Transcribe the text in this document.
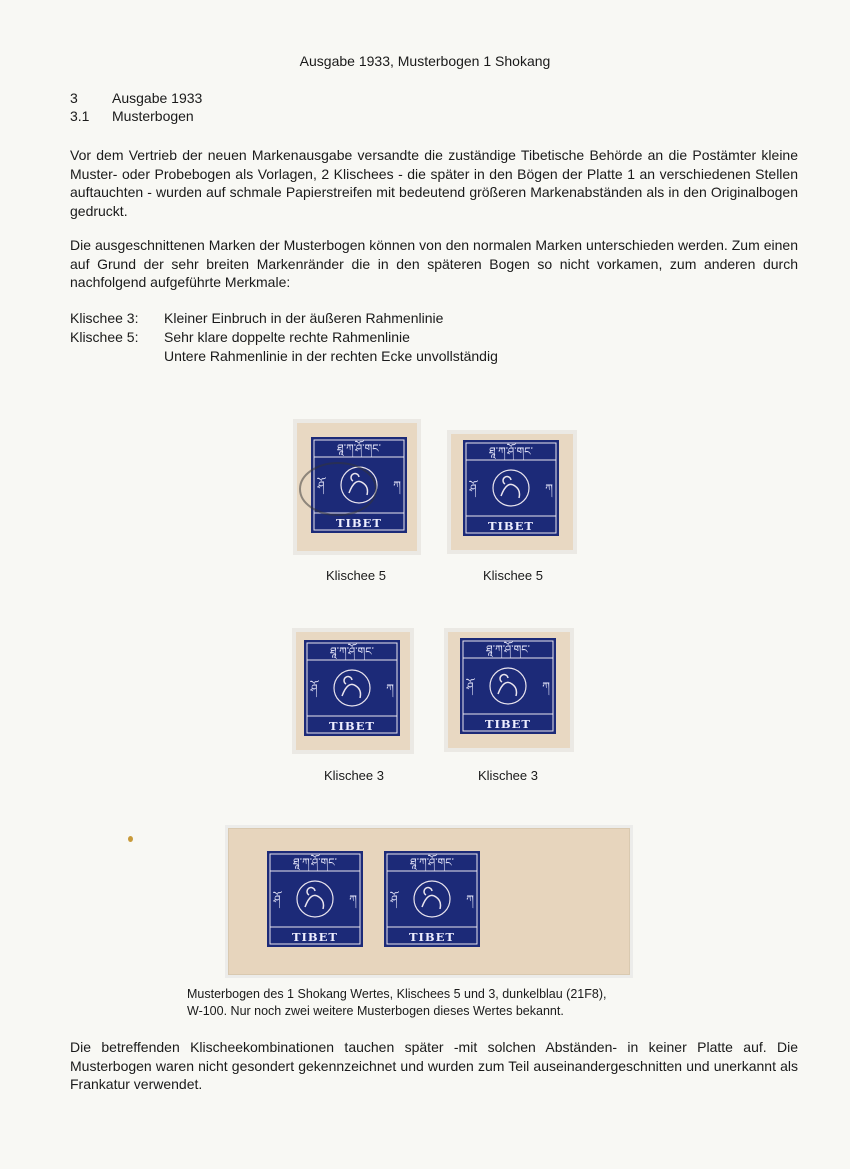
Ausgabe 1933, Musterbogen 1 Shokang
3 Ausgabe 1933
3.1 Musterbogen
Vor dem Vertrieb der neuen Markenausgabe versandte die zuständige Tibetische Behörde an die Postämter kleine Muster- oder Probebogen als Vorlagen, 2 Klischees - die später in den Bögen der Platte 1 an verschiedenen Stellen auftauchten - wurden auf schmale Papierstreifen mit bedeutend größeren Markenabständen als in den Originalbogen gedruckt.
Die ausgeschnittenen Marken der Musterbogen können von den normalen Marken unterschieden werden. Zum einen auf Grund der sehr breiten Markenränder die in den späteren Bogen so nicht vorkamen, zum anderen durch nachfolgend aufgeführte Merkmale:
Klischee 3: Kleiner Einbruch in der äußeren Rahmenlinie
Klischee 5: Sehr klare doppelte rechte Rahmenlinie
Untere Rahmenlinie in der rechten Ecke unvollständig
ཐཱ་ཀ་ཤོ་གང་
ཤོ	ཀ
TIBET
ཐཱ་ཀ་ཤོ་གང་
ཤོ	ཀ
TIBET
Klischee 5	Klischee 5
ཐཱ་ཀ་ཤོ་གང་
ཤོ	ཀ
TIBET
ཐཱ་ཀ་ཤོ་གང་
ཤོ	ཀ
TIBET
Klischee 3	Klischee 3
ཐཱ་ཀ་ཤོ་གང་
ཤོ	ཀ
TIBET
ཐཱ་ཀ་ཤོ་གང་
ཤོ	ཀ
TIBET
Musterbogen des 1 Shokang Wertes, Klischees 5 und 3, dunkelblau (21F8),
W-100. Nur noch zwei weitere Musterbogen dieses Wertes bekannt.
Die betreffenden Klischeekombinationen tauchen später -mit solchen Abständen- in keiner Platte auf. Die Musterbogen waren nicht gesondert gekennzeichnet und wurden zum Teil auseinandergeschnitten und unerkannt als Frankatur verwendet.
